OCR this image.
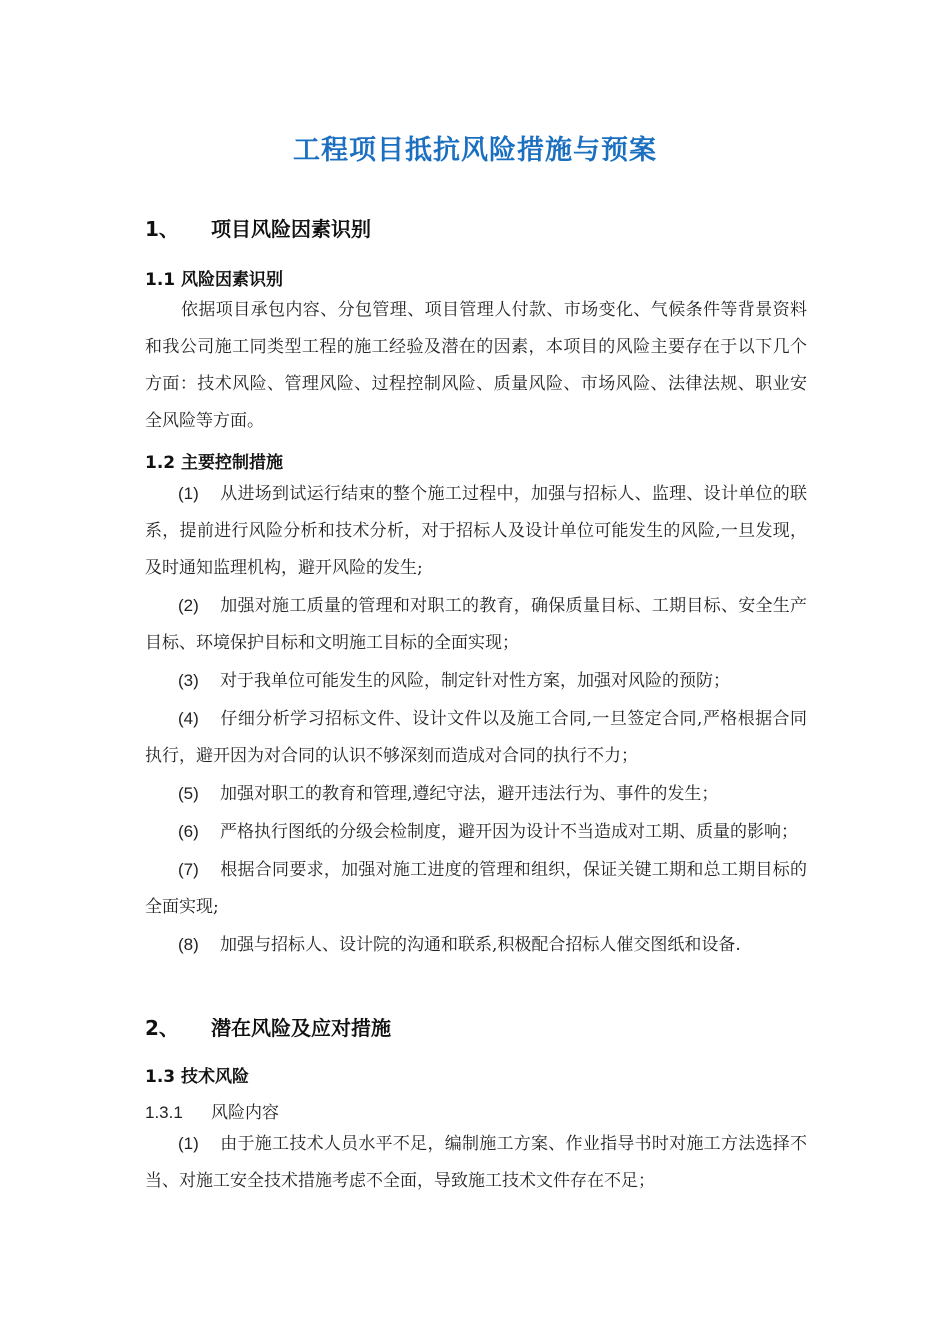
工程项目抵抗风险措施与预案
1、 项目风险因素识别
1.1 风险因素识别

依据项目承包内容、分包管理、项目管理人付款、市场变化、气候条件等背景资料和我公司施工同类型工程的施工经验及潜在的因素，本项目的风险主要存在于以下几个方面：技术风险、管理风险、过程控制风险、质量风险、市场风险、法律法规、职业安全风险等方面。

1.2 主要控制措施

(1) 从进场到试运行结束的整个施工过程中，加强与招标人、监理、设计单位的联系，提前进行风险分析和技术分析，对于招标人及设计单位可能发生的风险,一旦发现，及时通知监理机构，避开风险的发生;

(2) 加强对施工质量的管理和对职工的教育，确保质量目标、工期目标、安全生产目标、环境保护目标和文明施工目标的全面实现；

(3) 对于我单位可能发生的风险，制定针对性方案，加强对风险的预防；

(4) 仔细分析学习招标文件、设计文件以及施工合同,一旦签定合同,严格根据合同执行，避开因为对合同的认识不够深刻而造成对合同的执行不力；

(5) 加强对职工的教育和管理,遵纪守法，避开违法行为、事件的发生；

(6) 严格执行图纸的分级会检制度，避开因为设计不当造成对工期、质量的影响；

(7) 根据合同要求，加强对施工进度的管理和组织，保证关键工期和总工期目标的全面实现;

(8) 加强与招标人、设计院的沟通和联系,积极配合招标人催交图纸和设备.

2、 潜在风险及应对措施
1.3 技术风险
1.3.1 风险内容

(1) 由于施工技术人员水平不足，编制施工方案、作业指导书时对施工方法选择不当、对施工安全技术措施考虑不全面，导致施工技术文件存在不足；
